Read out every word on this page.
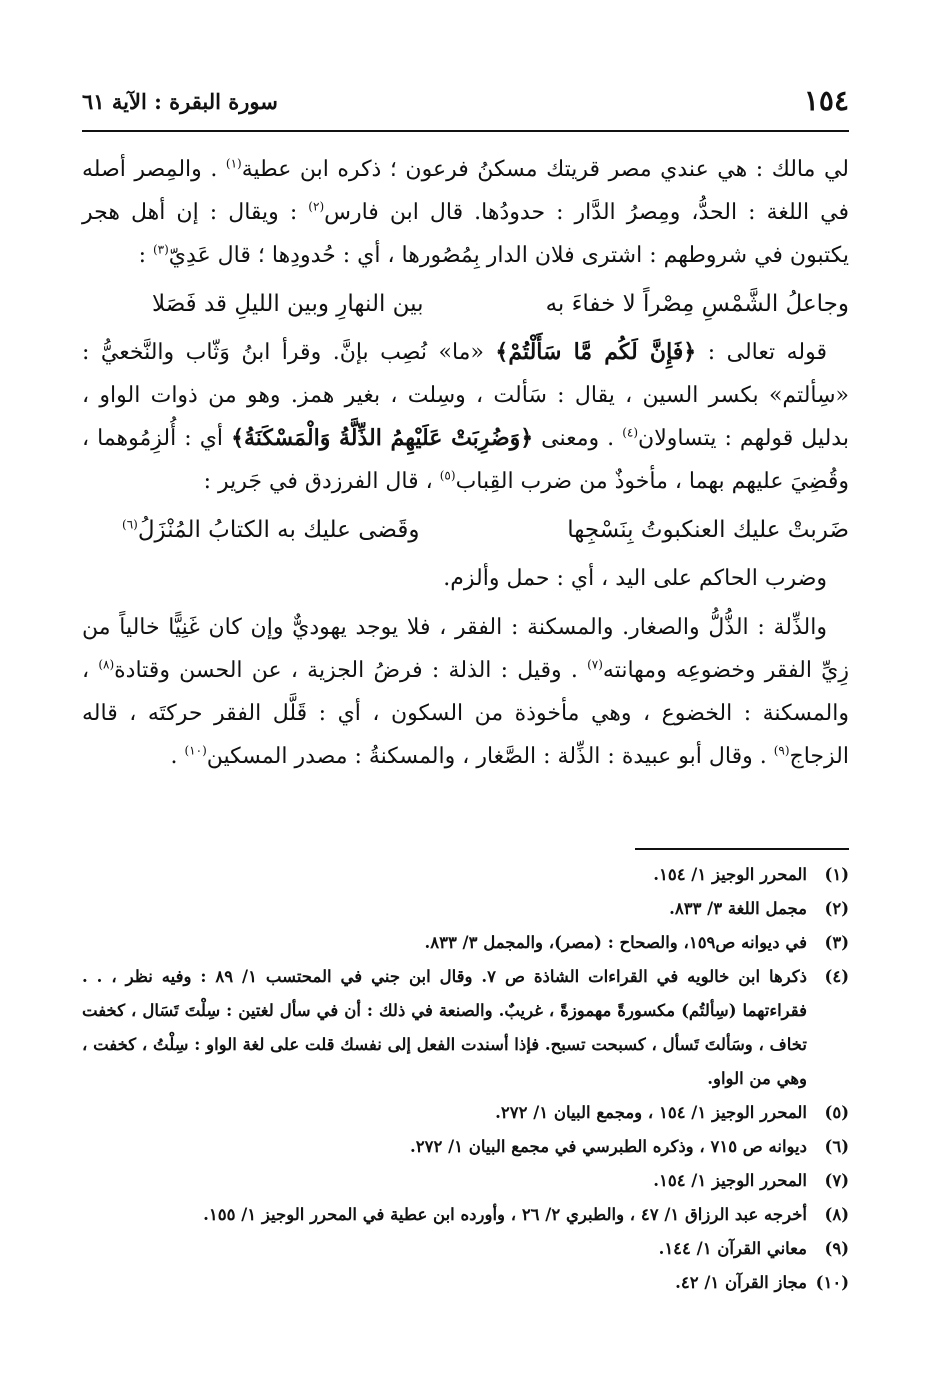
١٥٤
سورة البقرة : الآية ٦١

لي مالك : هي عندي مصر قريتك مسكنُ فرعون ؛ ذكره ابن عطية$^{(١)}$ . والمِصر أصله في اللغة : الحدُّ، ومِصرُ الدَّار : حدودُها. قال ابن فارس$^{(٢)}$ : ويقال : إن أهل هجر يكتبون في شروطهم : اشترى فلان الدار بِمُصُورها ، أي : حُدودِها ؛ قال عَدِيّ$^{(٣)}$ :

وجاعلُ الشَّمْسِ مِصْراً لا خفاءَ به
بين النهارِ وبين الليلِ قد فَصَلا

قوله تعالى : ﴿فَإِنَّ لَكُم مَّا سَأَلْتُمْ﴾ «ما» نُصِب بإنَّ. وقرأ ابنُ وَثّاب والنَّخعيُّ : «سِألتم» بكسر السين ، يقال : سَألت ، وسِلت ، بغير همز. وهو من ذوات الواو ، بدليل قولهم : يتساولان$^{(٤)}$ . ومعنى ﴿وَضُرِبَتْ عَلَيْهِمُ الذِّلَّةُ وَالْمَسْكَنَةُ﴾ أي : أُلزِمُوهما ، وقُضِيَ عليهم بهما ، مأخوذٌ من ضرب القِباب$^{(٥)}$ ، قال الفرزدق في جَرير :

ضَربتْ عليك العنكبوتُ بِنَسْجِها
وقَضى عليك به الكتابُ المُنْزَلُ$^{(٦)}$

وضرب الحاكم على اليد ، أي : حمل وألزم.

والذِّلة : الذُّلُّ والصغار. والمسكنة : الفقر ، فلا يوجد يهوديٌّ وإن كان غَنِيًّا خالياً من زِيِّ الفقر وخضوعِه ومهانته$^{(٧)}$ . وقيل : الذلة : فرضُ الجزية ، عن الحسن وقتادة$^{(٨)}$ ، والمسكنة : الخضوع ، وهي مأخوذة من السكون ، أي : قَلَّل الفقر حركتَه ، قاله الزجاج$^{(٩)}$ . وقال أبو عبيدة : الذِّلة : الصَّغار ، والمسكنةُ : مصدر المسكين$^{(١٠)}$ .

(١)
المحرر الوجيز ١/ ١٥٤.
(٢)
مجمل اللغة ٣/ ٨٣٣.
(٣)
في ديوانه ص١٥٩، والصحاح : (مصر)، والمجمل ٣/ ٨٣٣.
(٤)
ذكرها ابن خالويه في القراءات الشاذة ص ٧. وقال ابن جني في المحتسب ١/ ٨٩ : وفيه نظر ، . . فقراءتهما (سِألتُم) مكسورةً مهموزةً ، غريبٌ. والصنعة في ذلك : أن في سأل لغتين : سِلْتَ تَسَال ، كخفت تخاف ، وسَألتَ تَسأل ، كسبحت تسبح. فإذا أسندت الفعل إلى نفسك قلت على لغة الواو : سِلْتُ ، كخفت ، وهي من الواو.
(٥)
المحرر الوجيز ١/ ١٥٤ ، ومجمع البيان ١/ ٢٧٢.
(٦)
ديوانه ص ٧١٥ ، وذكره الطبرسي في مجمع البيان ١/ ٢٧٢.
(٧)
المحرر الوجيز ١/ ١٥٤.
(٨)
أخرجه عبد الرزاق ١/ ٤٧ ، والطبري ٢/ ٢٦ ، وأورده ابن عطية في المحرر الوجيز ١/ ١٥٥.
(٩)
معاني القرآن ١/ ١٤٤.
(١٠)
مجاز القرآن ١/ ٤٢.
